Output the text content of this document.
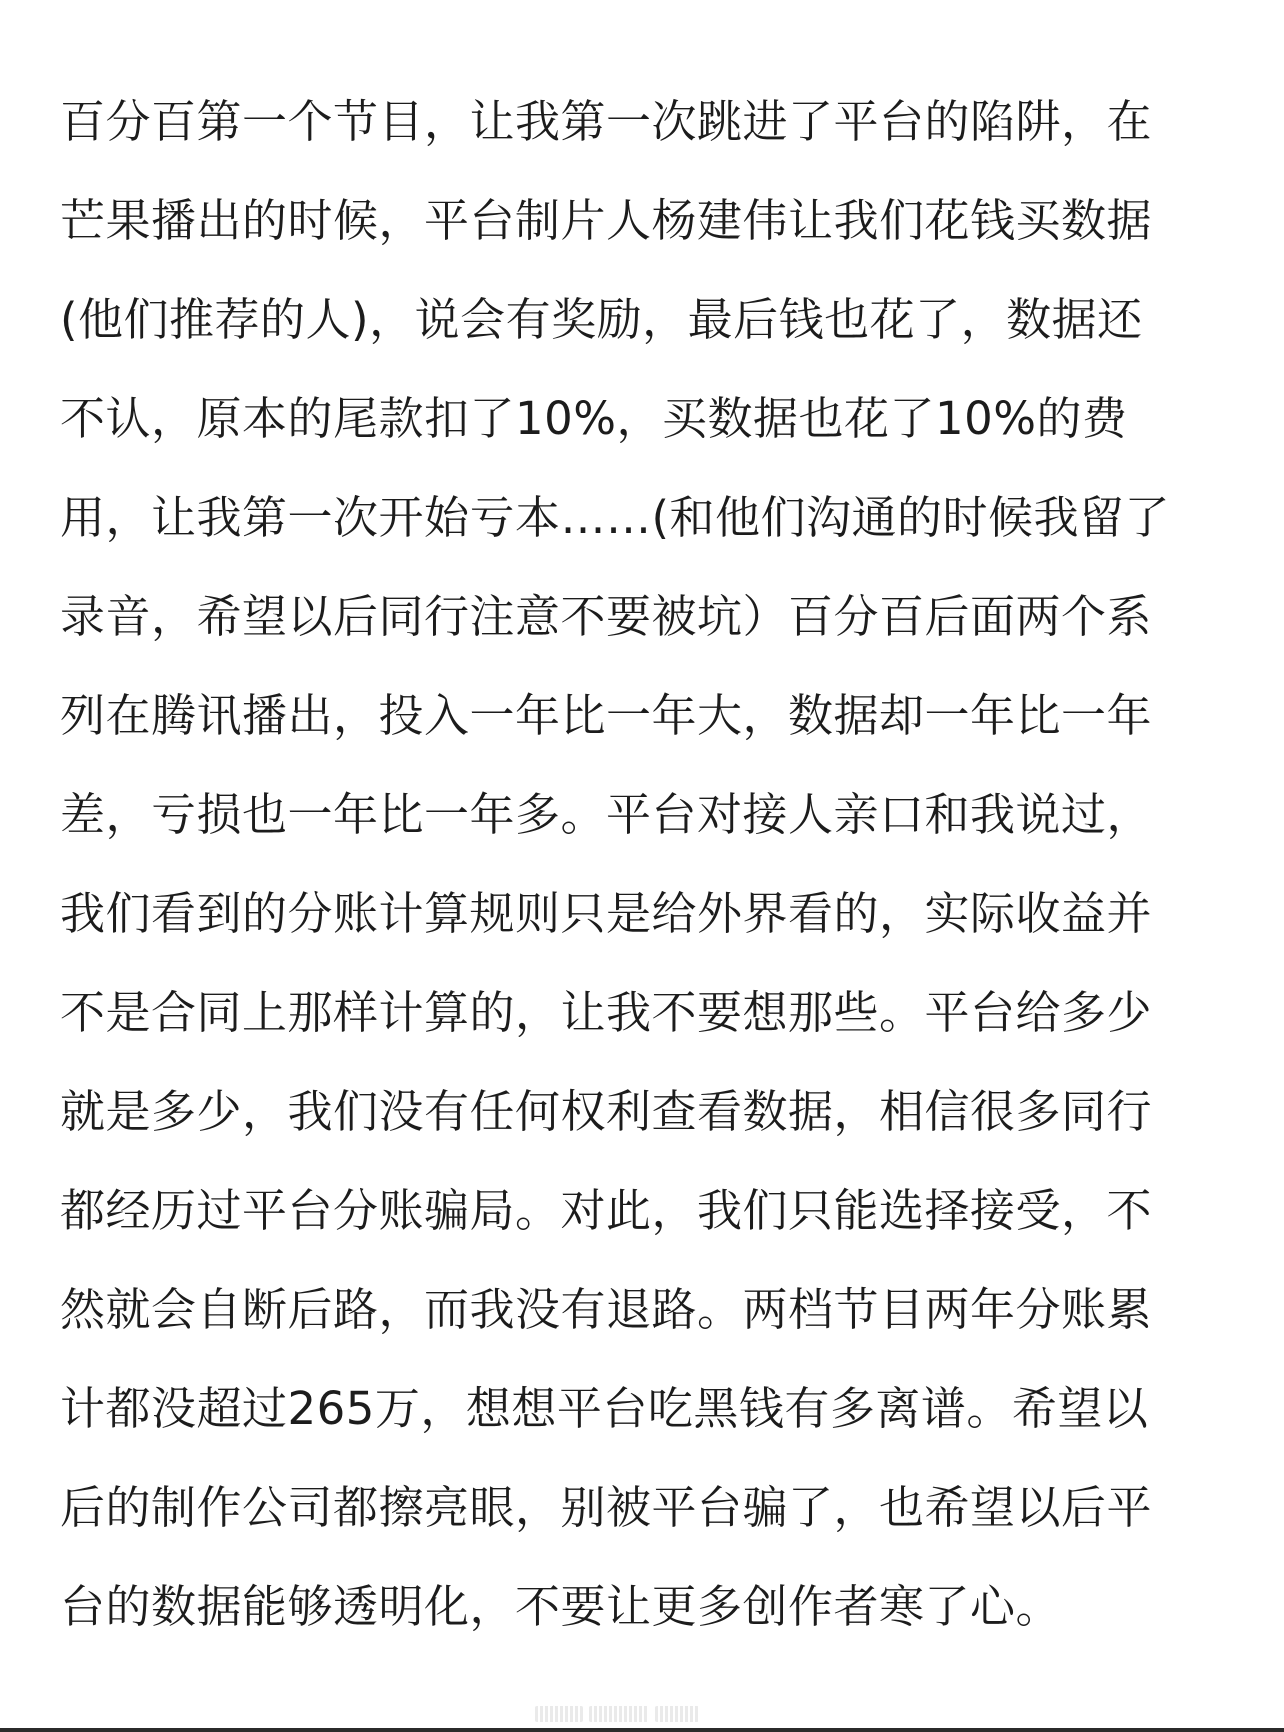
百分百第一个节目，让我第一次跳进了平台的陷阱，在
芒果播出的时候，平台制片人杨建伟让我们花钱买数据
(他们推荐的人)，说会有奖励，最后钱也花了，数据还
不认，原本的尾款扣了10%，买数据也花了10%的费
用，让我第一次开始亏本……(和他们沟通的时候我留了
录音，希望以后同行注意不要被坑）百分百后面两个系
列在腾讯播出，投入一年比一年大，数据却一年比一年
差，亏损也一年比一年多。平台对接人亲口和我说过，
我们看到的分账计算规则只是给外界看的，实际收益并
不是合同上那样计算的，让我不要想那些。平台给多少
就是多少，我们没有任何权利查看数据，相信很多同行
都经历过平台分账骗局。对此，我们只能选择接受，不
然就会自断后路，而我没有退路。两档节目两年分账累
计都没超过265万，想想平台吃黑钱有多离谱。希望以
后的制作公司都擦亮眼，别被平台骗了，也希望以后平
台的数据能够透明化，不要让更多创作者寒了心。
